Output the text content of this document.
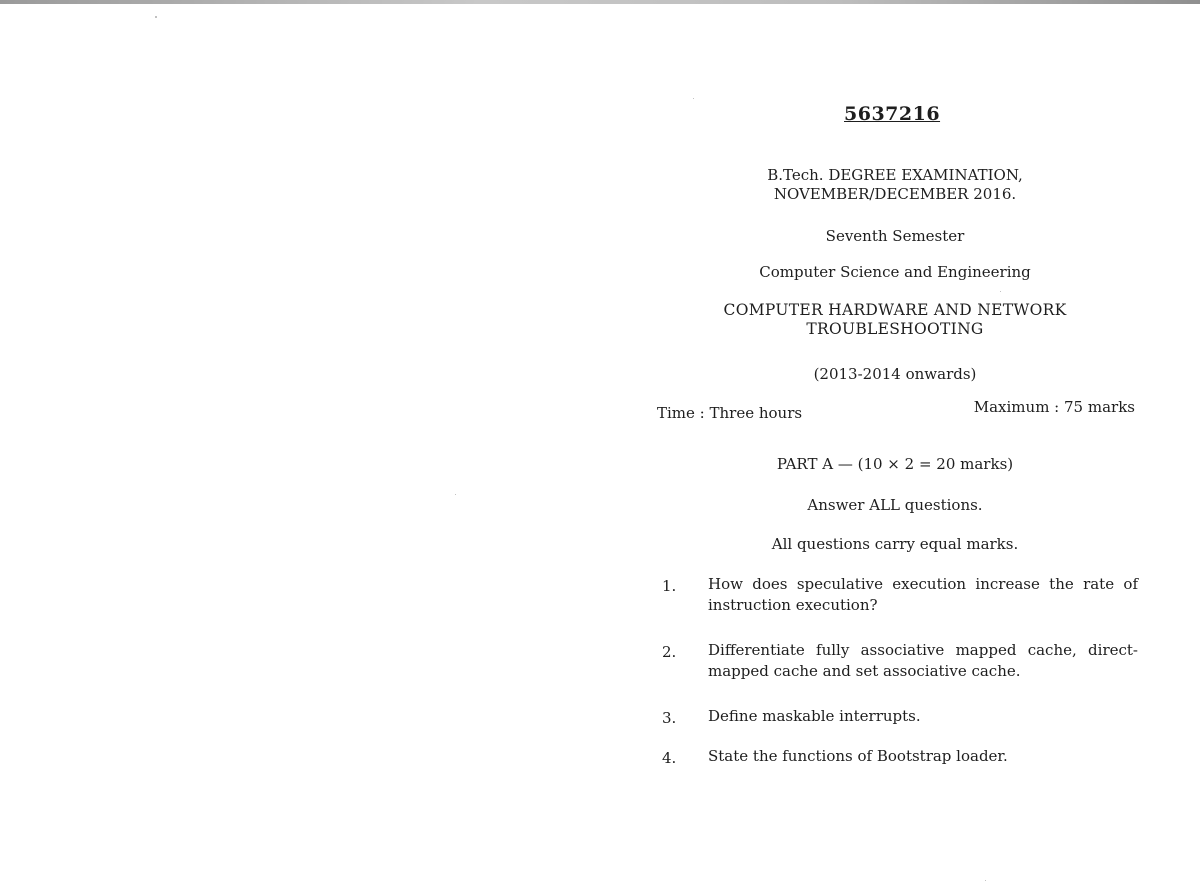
5637216
B.Tech. DEGREE EXAMINATION,
NOVEMBER/DECEMBER 2016.
Seventh Semester
Computer Science and Engineering
COMPUTER HARDWARE AND NETWORK
TROUBLESHOOTING
(2013-2014 onwards)
Time : Three hours	Maximum : 75 marks
PART A — (10 × 2 = 20 marks)
Answer ALL questions.
All questions carry equal marks.
1. How does speculative execution increase the rate of instruction execution?
2. Differentiate fully associative mapped cache, direct-mapped cache and set associative cache.
3. Define maskable interrupts.
4. State the functions of Bootstrap loader.
